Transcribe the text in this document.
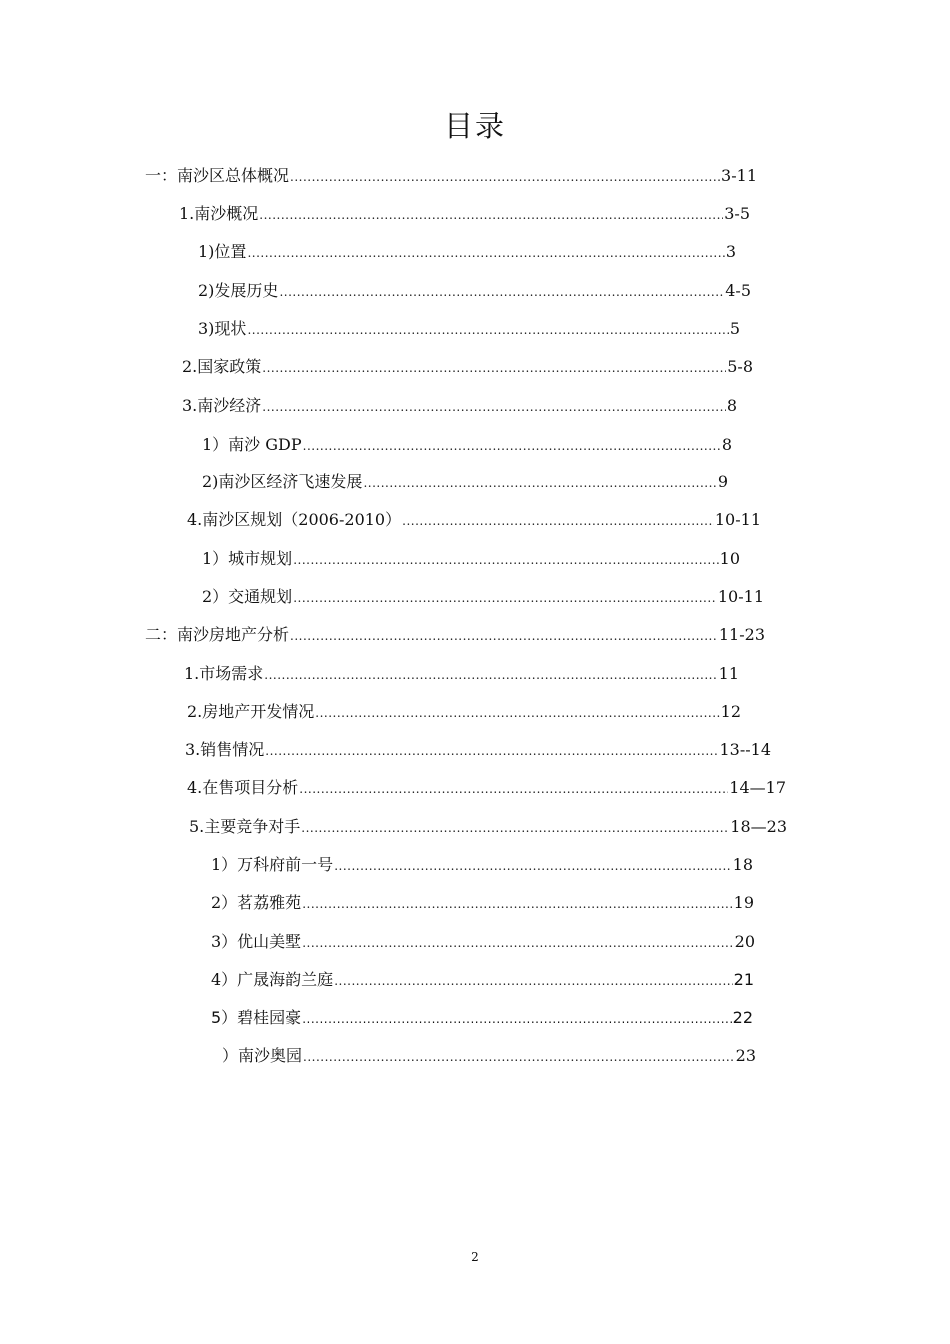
目录
一：南沙区总体概况 .....	3-11
1.南沙概况 .....	3-5
1)位置 .....	3
2)发展历史 .....	4-5
3)现状 .....	5
2.国家政策 .....	5-8
3.南沙经济 .....	8
1）南沙 GDP .....	8
2)南沙区经济飞速发展 .....	9
4.南沙区规划（2006-2010） .....	10-11
1）城市规划 .....	10
2）交通规划 .....	10-11
二：南沙房地产分析 .....	11-23
1.市场需求 .....	11
2.房地产开发情况 .....	12
3.销售情况 .....	13--14
4.在售项目分析 .....	14—17
5.主要竞争对手 .....	18—23
1）万科府前一号 .....	18
2）茗荔雅苑 .....	19
3）优山美墅 .....	20
4）广晟海韵兰庭 .....	21
5）碧桂园豪 .....	22
）南沙奥园 .....	23
2
